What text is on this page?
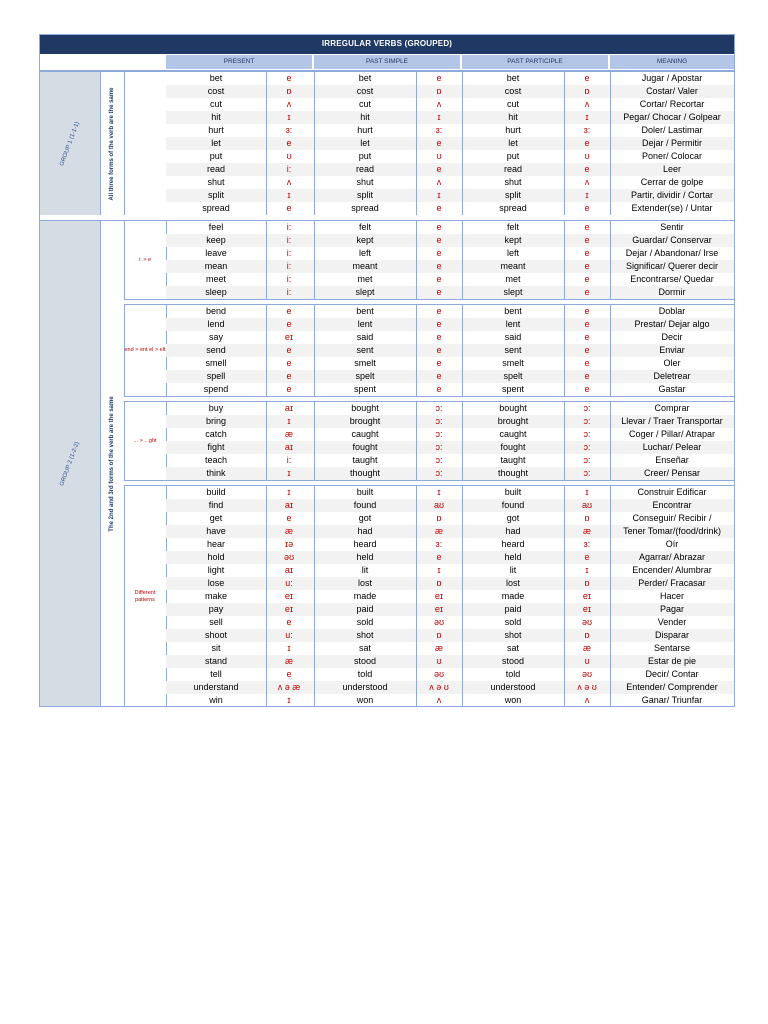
IRREGULAR VERBS (GROUPED)
PRESENT	PAST SIMPLE	PAST PARTICIPLE	MEANING
GROUP 1 (1-1-1)	All three forms of the verb are the same
bet	e	bet	e	bet	e	Jugar / Apostar
cost	ɒ	cost	ɒ	cost	ɒ	Costar/ Valer
cut	ʌ	cut	ʌ	cut	ʌ	Cortar/ Recortar
hit	ɪ	hit	ɪ	hit	ɪ	Pegar/ Chocar / Golpear
hurt	ɜ:	hurt	ɜ:	hurt	ɜ:	Doler/ Lastimar
let	e	let	e	let	e	Dejar / Permitir
put	ʊ	put	ʊ	put	ʊ	Poner/ Colocar
read	i:	read	e	read	e	Leer
shut	ʌ	shut	ʌ	shut	ʌ	Cerrar de golpe
split	ɪ	split	ɪ	split	ɪ	Partir, dividir / Cortar
spread	e	spread	e	spread	e	Extender(se) / Untar
GROUP 2 (1-2-2)	The 2nd and 3rd forms of the verb are the same
i: > e
feel	i:	felt	e	felt	e	Sentir
keep	i:	kept	e	kept	e	Guardar/ Conservar
leave	i:	left	e	left	e	Dejar / Abandonar/ Irse
mean	i:	meant	e	meant	e	Significar/ Querer decir
meet	i:	met	e	met	e	Encontrarse/ Quedar
sleep	i:	slept	e	slept	e	Dormir
end > ent el > elt
bend	e	bent	e	bent	e	Doblar
lend	e	lent	e	lent	e	Prestar/ Dejar algo
say	eɪ	said	e	said	e	Decir
send	e	sent	e	sent	e	Enviar
smell	e	smelt	e	smelt	e	Oler
spell	e	spelt	e	spelt	e	Deletrear
spend	e	spent	e	spent	e	Gastar
... > ...ght
buy	aɪ	bought	ɔ:	bought	ɔ:	Comprar
bring	ɪ	brought	ɔ:	brought	ɔ:	Llevar / Traer Transportar
catch	æ	caught	ɔ:	caught	ɔ:	Coger / Pillar/ Atrapar
fight	aɪ	fought	ɔ:	fought	ɔ:	Luchar/ Pelear
teach	i:	taught	ɔ:	taught	ɔ:	Enseñar
think	ɪ	thought	ɔ:	thought	ɔ:	Creer/ Pensar
Different patterns
build	ɪ	built	ɪ	built	ɪ	Construir Edificar
find	aɪ	found	aʊ	found	aʊ	Encontrar
get	e	got	ɒ	got	ɒ	Conseguir/ Recibir /
have	æ	had	æ	had	æ	Tener Tomar/(food/drink)
hear	ɪə	heard	ɜ:	heard	ɜ:	Oír
hold	əʊ	held	e	held	e	Agarrar/ Abrazar
light	aɪ	lit	ɪ	lit	ɪ	Encender/ Alumbrar
lose	u:	lost	ɒ	lost	ɒ	Perder/ Fracasar
make	eɪ	made	eɪ	made	eɪ	Hacer
pay	eɪ	paid	eɪ	paid	eɪ	Pagar
sell	e	sold	əʊ	sold	əʊ	Vender
shoot	u:	shot	ɒ	shot	ɒ	Disparar
sit	ɪ	sat	æ	sat	æ	Sentarse
stand	æ	stood	ʊ	stood	ʊ	Estar de pie
tell	e	told	əʊ	told	əʊ	Decir/ Contar
understand	ʌ ə æ	understood	ʌ ə ʊ	understood	ʌ ə ʊ	Entender/ Comprender
win	ɪ	won	ʌ	won	ʌ	Ganar/ Triunfar
